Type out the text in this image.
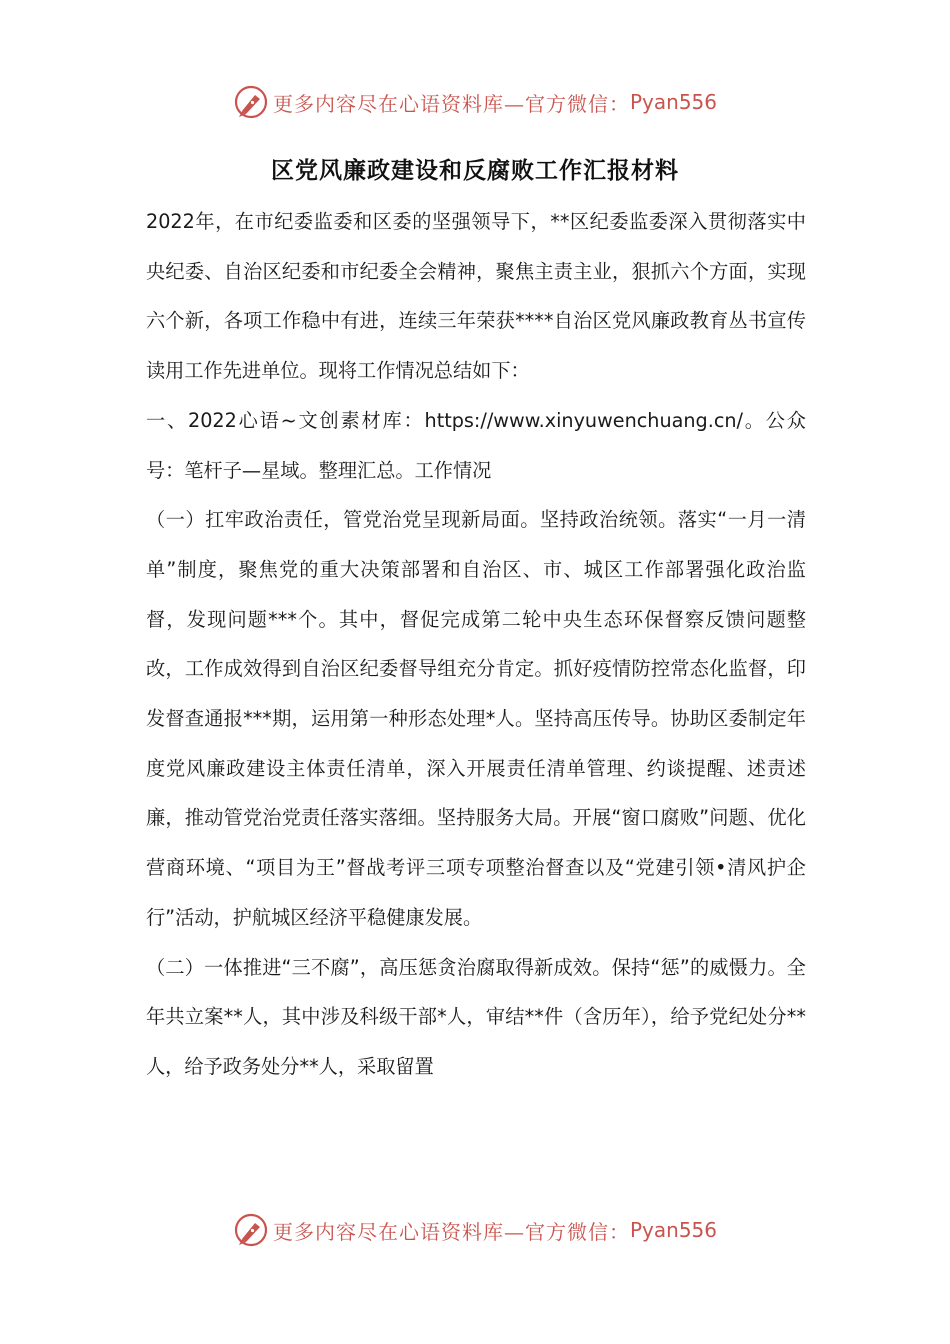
更多内容尽在心语资料库—官方微信： Pyan556
区党风廉政建设和反腐败工作汇报材料

2022年，在市纪委监委和区委的坚强领导下，**区纪委监委深入贯彻落实中央纪委、自治区纪委和市纪委全会精神，聚焦主责主业，狠抓六个方面，实现六个新，各项工作稳中有进，连续三年荣获****自治区党风廉政教育丛书宣传读用工作先进单位。现将工作情况总结如下：

一、2022心语~文创素材库：https://www.xinyuwenchuang.cn/。公众号：笔杆子—星域。整理汇总。工作情况

（一）扛牢政治责任，管党治党呈现新局面。坚持政治统领。落实“一月一清单”制度，聚焦党的重大决策部署和自治区、市、城区工作部署强化政治监督，发现问题***个。其中，督促完成第二轮中央生态环保督察反馈问题整改，工作成效得到自治区纪委督导组充分肯定。抓好疫情防控常态化监督，印发督查通报***期，运用第一种形态处理*人。坚持高压传导。协助区委制定年度党风廉政建设主体责任清单，深入开展责任清单管理、约谈提醒、述责述廉，推动管党治党责任落实落细。坚持服务大局。开展“窗口腐败”问题、优化营商环境、“项目为王”督战考评三项专项整治督查以及“党建引领•清风护企行”活动，护航城区经济平稳健康发展。

（二）一体推进“三不腐”，高压惩贪治腐取得新成效。保持“惩”的威慑力。全年共立案**人，其中涉及科级干部*人，审结**件（含历年），给予党纪处分**人，给予政务处分**人，采取留置

更多内容尽在心语资料库—官方微信： Pyan556
